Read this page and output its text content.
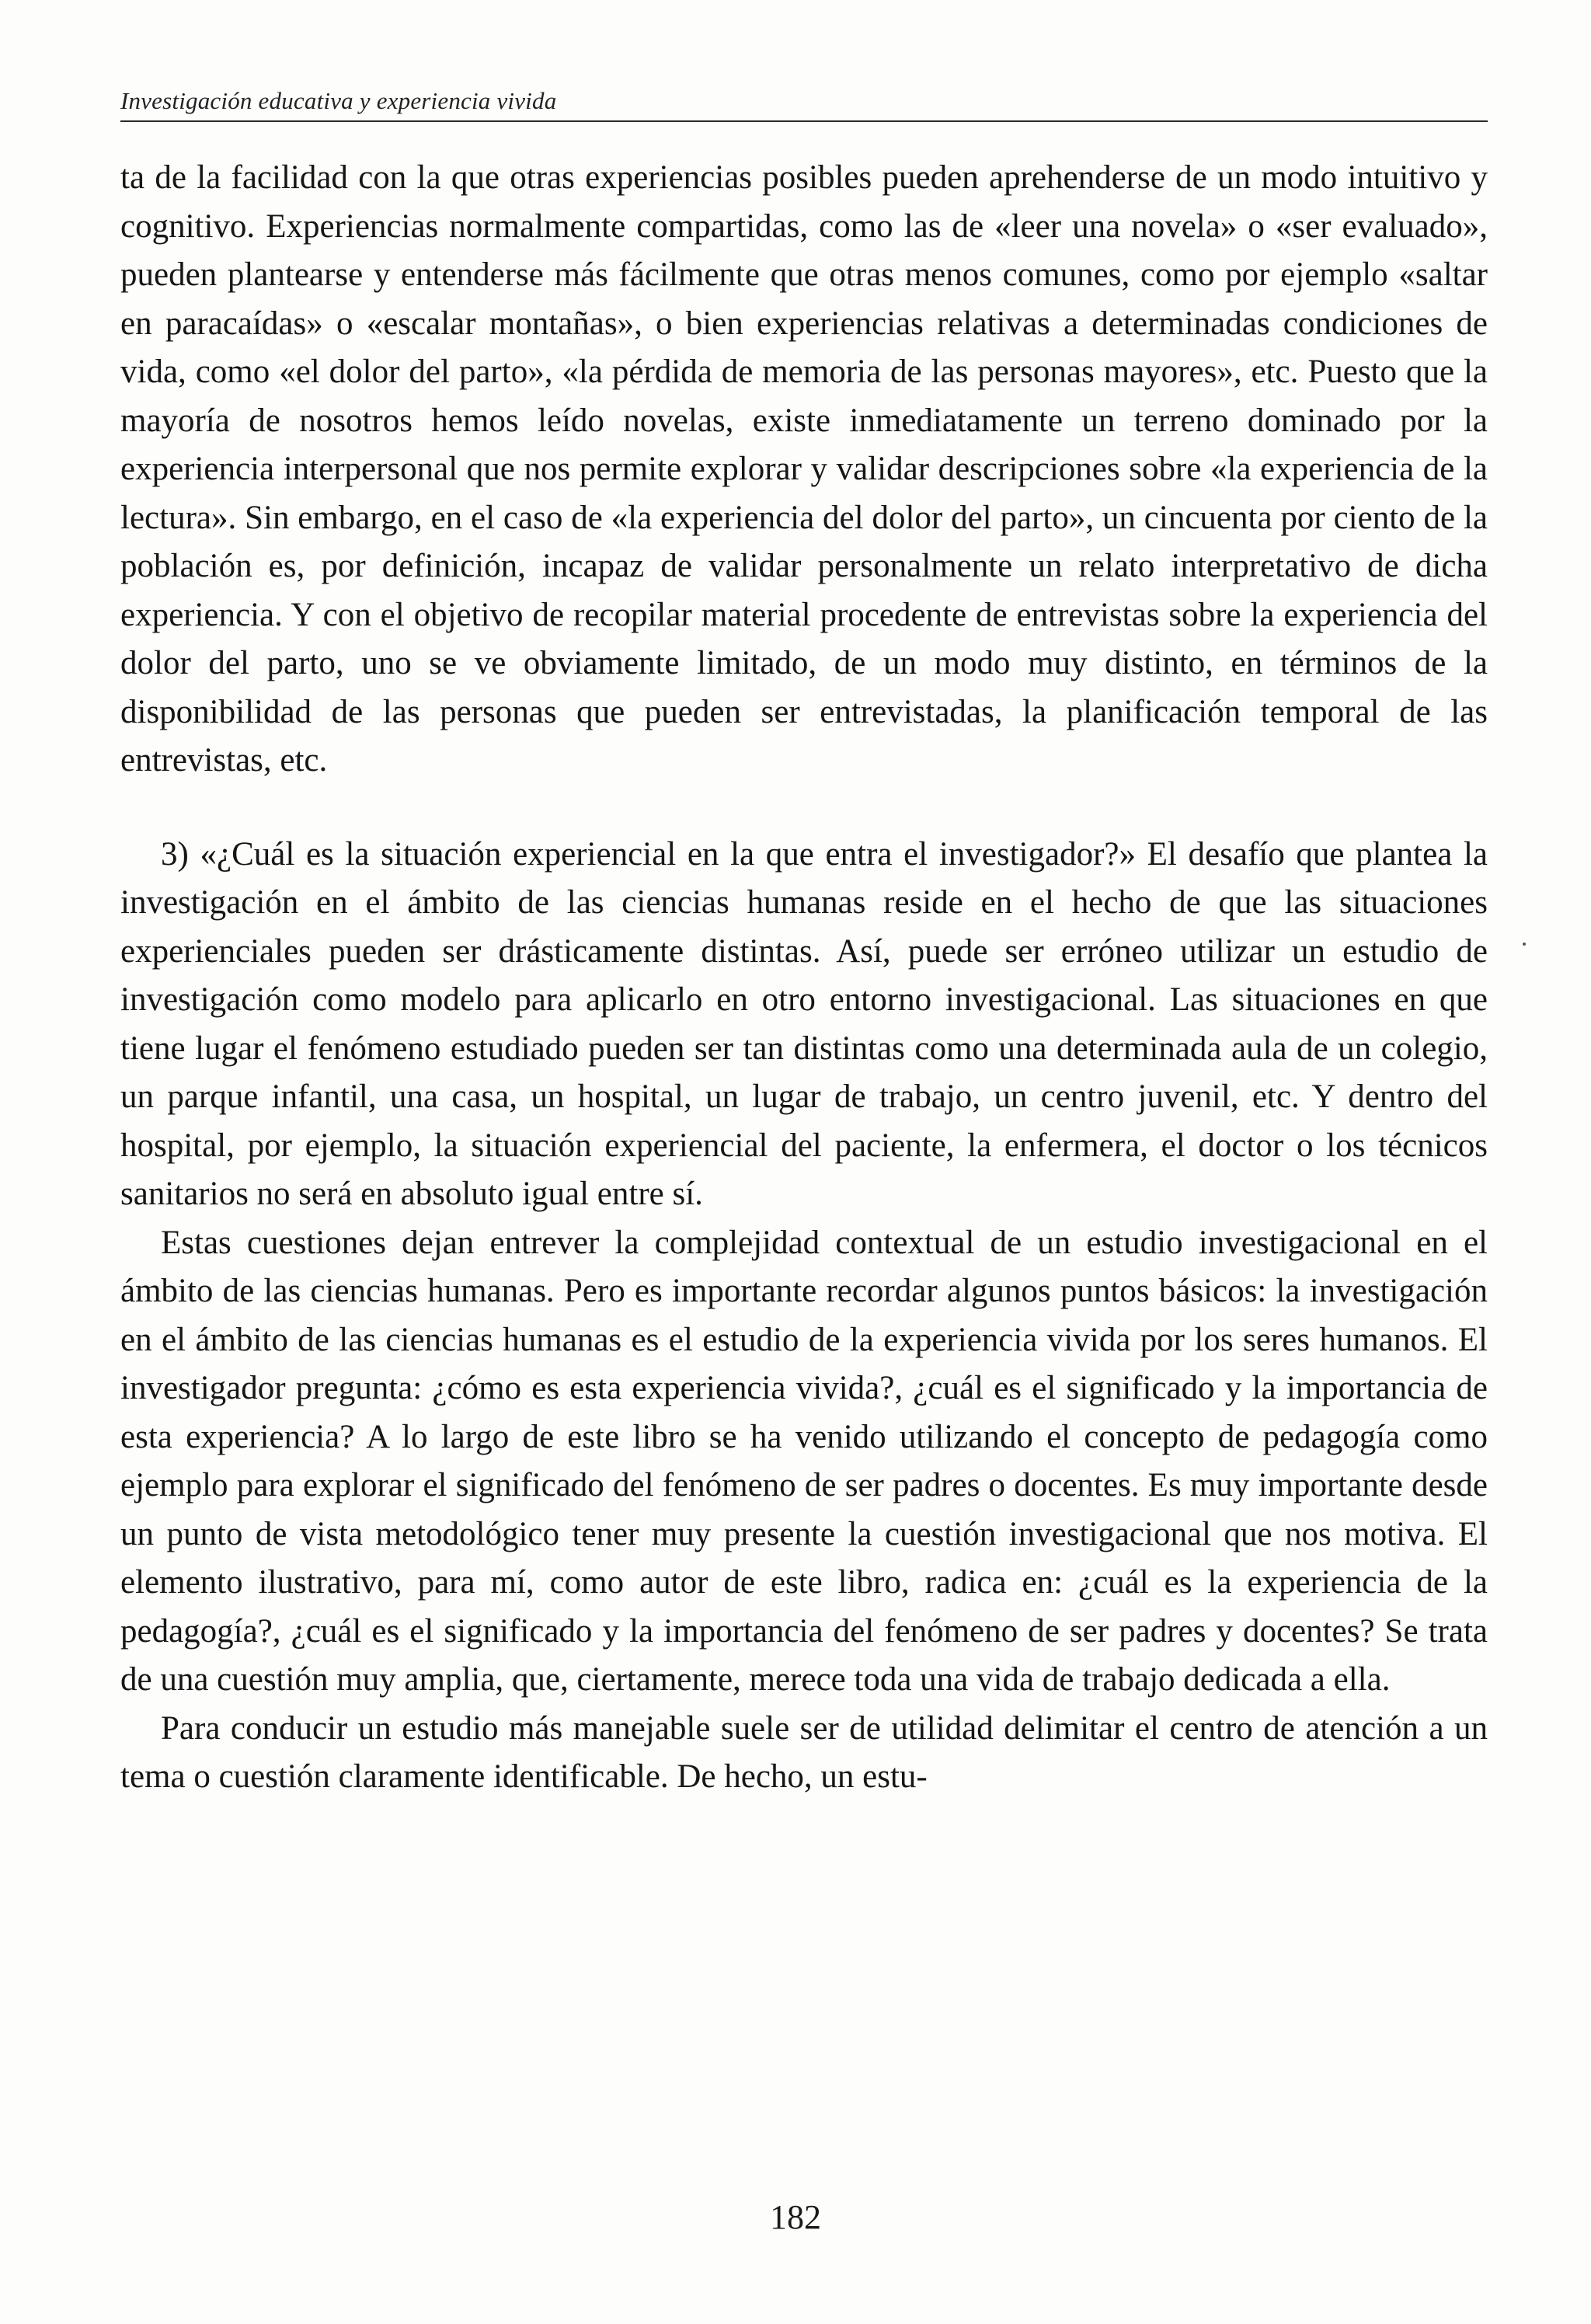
Investigación educativa y experiencia vivida

ta de la facilidad con la que otras experiencias posibles pueden aprehenderse de un modo intuitivo y cognitivo. Experiencias normalmente compartidas, como las de «leer una novela» o «ser evaluado», pueden plantearse y entenderse más fácilmente que otras menos comunes, como por ejemplo «saltar en paracaídas» o «escalar montañas», o bien experiencias relativas a determinadas condiciones de vida, como «el dolor del parto», «la pérdida de memoria de las personas mayores», etc. Puesto que la mayoría de nosotros hemos leído novelas, existe inmediatamente un terreno dominado por la experiencia interpersonal que nos permite explorar y validar descripciones sobre «la experiencia de la lectura». Sin embargo, en el caso de «la experiencia del dolor del parto», un cincuenta por ciento de la población es, por definición, incapaz de validar personalmente un relato interpretativo de dicha experiencia. Y con el objetivo de recopilar material procedente de entrevistas sobre la experiencia del dolor del parto, uno se ve obviamente limitado, de un modo muy distinto, en términos de la disponibilidad de las personas que pueden ser entrevistadas, la planificación temporal de las entrevistas, etc.

3) «¿Cuál es la situación experiencial en la que entra el investigador?» El desafío que plantea la investigación en el ámbito de las ciencias humanas reside en el hecho de que las situaciones experienciales pueden ser drásticamente distintas. Así, puede ser erróneo utilizar un estudio de investigación como modelo para aplicarlo en otro entorno investigacional. Las situaciones en que tiene lugar el fenómeno estudiado pueden ser tan distintas como una determinada aula de un colegio, un parque infantil, una casa, un hospital, un lugar de trabajo, un centro juvenil, etc. Y dentro del hospital, por ejemplo, la situación experiencial del paciente, la enfermera, el doctor o los técnicos sanitarios no será en absoluto igual entre sí.

Estas cuestiones dejan entrever la complejidad contextual de un estudio investigacional en el ámbito de las ciencias humanas. Pero es importante recordar algunos puntos básicos: la investigación en el ámbito de las ciencias humanas es el estudio de la experiencia vivida por los seres humanos. El investigador pregunta: ¿cómo es esta experiencia vivida?, ¿cuál es el significado y la importancia de esta experiencia? A lo largo de este libro se ha venido utilizando el concepto de pedagogía como ejemplo para explorar el significado del fenómeno de ser padres o docentes. Es muy importante desde un punto de vista metodológico tener muy presente la cuestión investigacional que nos motiva. El elemento ilustrativo, para mí, como autor de este libro, radica en: ¿cuál es la experiencia de la pedagogía?, ¿cuál es el significado y la importancia del fenómeno de ser padres y docentes? Se trata de una cuestión muy amplia, que, ciertamente, merece toda una vida de trabajo dedicada a ella.

Para conducir un estudio más manejable suele ser de utilidad delimitar el centro de atención a un tema o cuestión claramente identificable. De hecho, un estu-

182
